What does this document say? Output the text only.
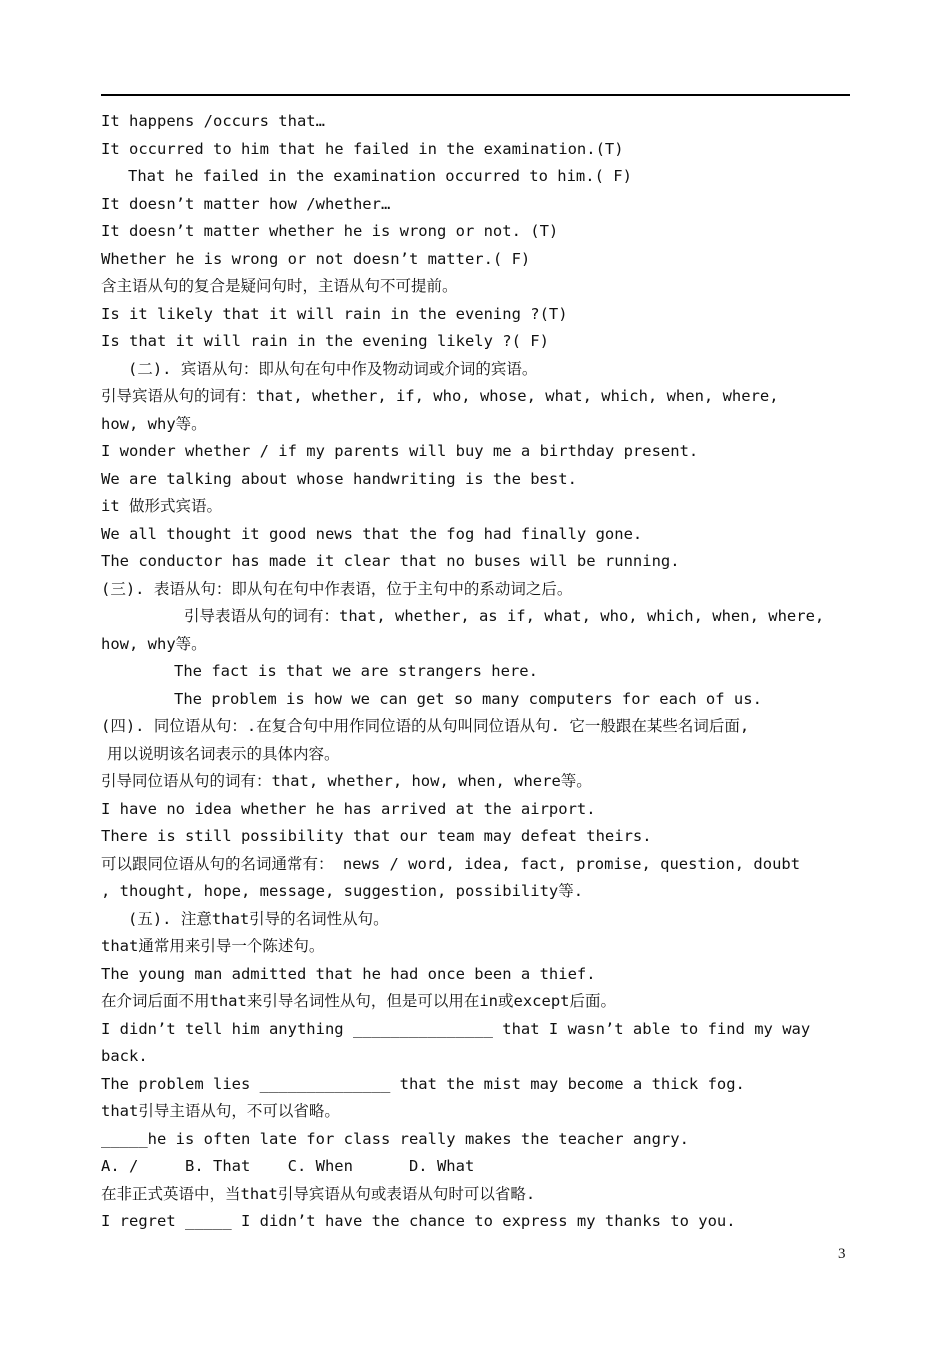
It happens /occurs that…
It occurred to him that he failed in the examination.(T)
That he failed in the examination occurred to him.( F)
It doesn’t matter how /whether…
It doesn’t matter whether he is wrong or not. (T)
Whether he is wrong or not doesn’t matter.( F)
含主语从句的复合是疑问句时，主语从句不可提前。
Is it likely that it will rain in the evening ?(T)
Is that it will rain in the evening likely ?( F)
(二). 宾语从句：即从句在句中作及物动词或介词的宾语。
引导宾语从句的词有：that, whether, if, who, whose, what, which, when, where,
how, why等。
I wonder whether / if my parents will buy me a birthday present.
We are talking about whose handwriting is the best.
it 做形式宾语。
We all thought it good news that the fog had finally gone.
The conductor has made it clear that no buses will be running.
(三). 表语从句：即从句在句中作表语，位于主句中的系动词之后。
引导表语从句的词有：that, whether, as if, what, who, which, when, where,
how, why等。
The fact is that we are strangers here.
The problem is how we can get so many computers for each of us.
(四). 同位语从句：.在复合句中用作同位语的从句叫同位语从句. 它一般跟在某些名词后面,
用以说明该名词表示的具体内容。
引导同位语从句的词有：that, whether, how, when, where等。
I have no idea whether he has arrived at the airport.
There is still possibility that our team may defeat theirs.
可以跟同位语从句的名词通常有： news / word, idea, fact, promise, question, doubt
, thought, hope, message, suggestion, possibility等.
(五). 注意that引导的名词性从句。
that通常用来引导一个陈述句。
The young man admitted that he had once been a thief.
在介词后面不用that来引导名词性从句，但是可以用在in或except后面。
I didn’t tell him anything _______________ that I wasn’t able to find my way
back.
The problem lies ______________ that the mist may become a thick fog.
that引导主语从句，不可以省略。
_____he is often late for class really makes the teacher angry.
A. /     B. That    C. When      D. What
在非正式英语中，当that引导宾语从句或表语从句时可以省略.
I regret _____ I didn’t have the chance to express my thanks to you.
3
